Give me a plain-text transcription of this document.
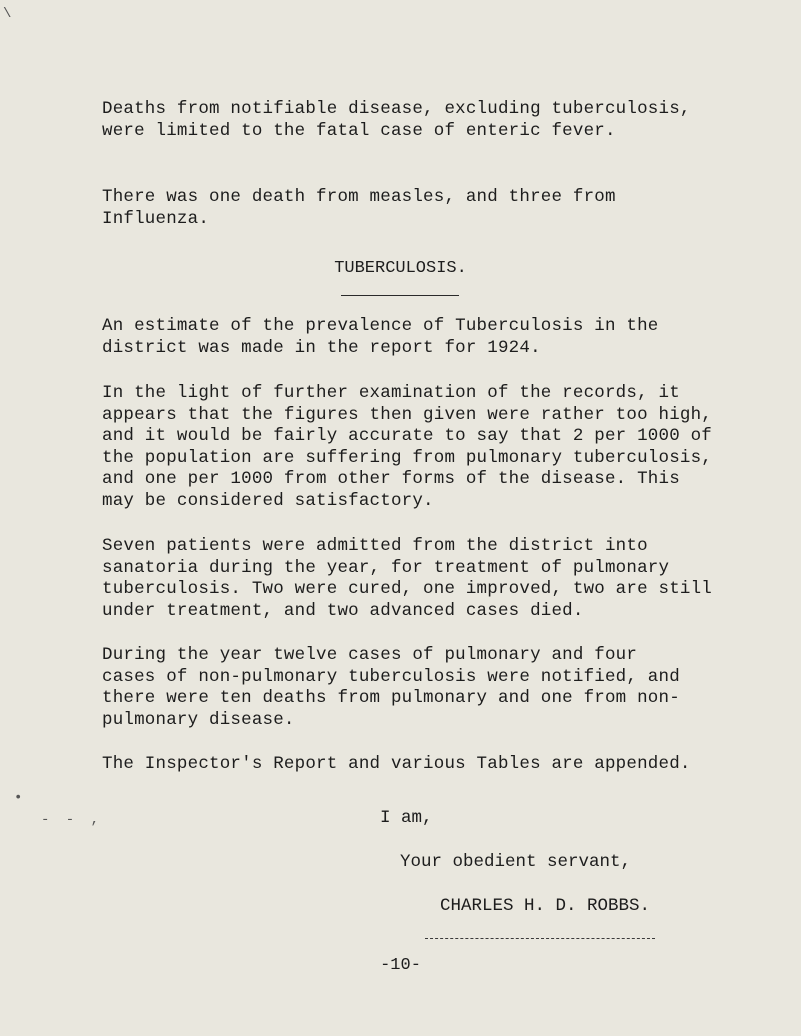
\

Deaths from notifiable disease, excluding tuberculosis,
were limited to the fatal case of enteric fever.

There was one death from measles, and three from
Influenza.

TUBERCULOSIS.

An estimate of the prevalence of Tuberculosis in the
district was made in the report for 1924.

In the light of further examination of the records, it
appears that the figures then given were rather too high,
and it would be fairly accurate to say that 2 per 1000 of
the population are suffering from pulmonary tuberculosis,
and one per 1000 from other forms of the disease. This
may be considered satisfactory.

Seven patients were admitted from the district into
sanatoria during the year, for treatment of pulmonary
tuberculosis. Two were cured, one improved, two are still
under treatment, and two advanced cases died.

During the year twelve cases of pulmonary and four
cases of non-pulmonary tuberculosis were notified, and
there were ten deaths from pulmonary and one from non-
pulmonary disease.

The Inspector's Report and various Tables are appended.

•
- - ,	I am,

Your obedient servant,

CHARLES H. D. ROBBS.

-10-
